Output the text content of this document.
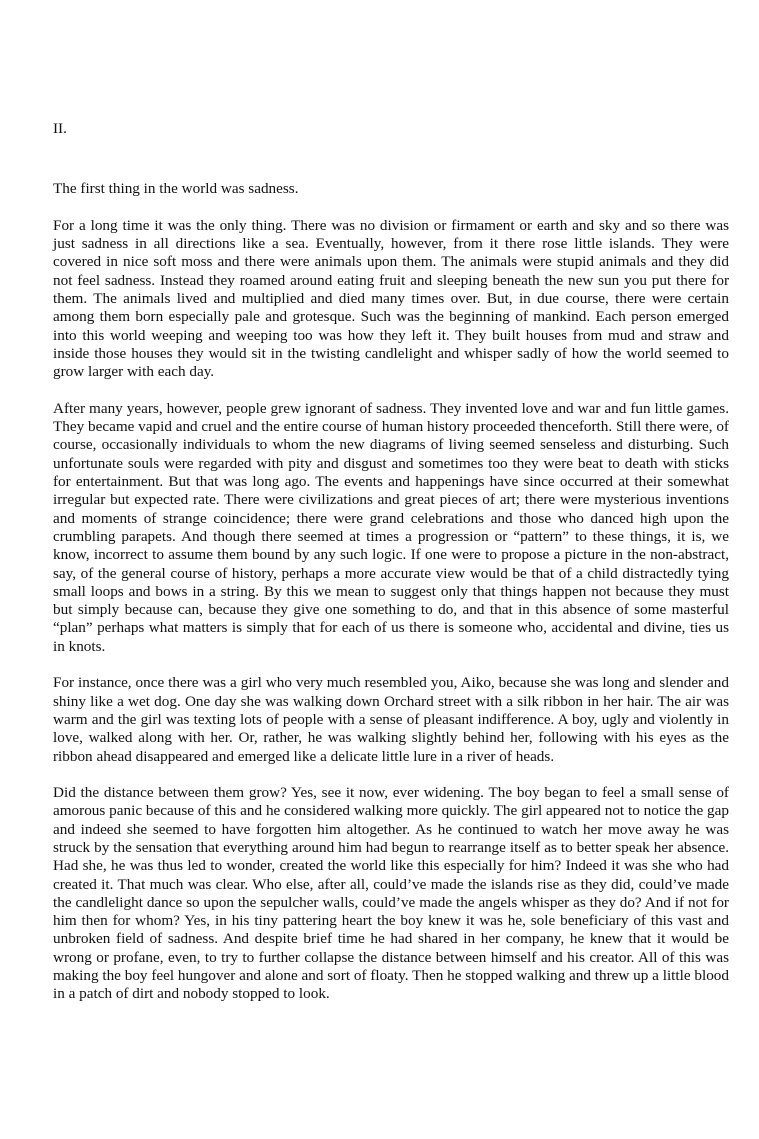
II.

The first thing in the world was sadness.

For a long time it was the only thing. There was no division or firmament or earth and sky and so there was just sadness in all directions like a sea. Eventually, however, from it there rose little islands. They were covered in nice soft moss and there were animals upon them. The animals were stupid animals and they did not feel sadness. Instead they roamed around eating fruit and sleeping beneath the new sun you put there for them. The animals lived and multiplied and died many times over. But, in due course, there were certain among them born especially pale and grotesque. Such was the beginning of mankind. Each person emerged into this world weeping and weeping too was how they left it. They built houses from mud and straw and inside those houses they would sit in the twisting candlelight and whisper sadly of how the world seemed to grow larger with each day.

After many years, however, people grew ignorant of sadness. They invented love and war and fun little games. They became vapid and cruel and the entire course of human history proceeded thenceforth. Still there were, of course, occasionally individuals to whom the new diagrams of living seemed senseless and disturbing. Such unfortunate souls were regarded with pity and disgust and sometimes too they were beat to death with sticks for entertainment. But that was long ago. The events and happenings have since occurred at their somewhat irregular but expected rate. There were civilizations and great pieces of art; there were mysterious inventions and moments of strange coincidence; there were grand celebrations and those who danced high upon the crumbling parapets. And though there seemed at times a progression or “pattern” to these things, it is, we know, incorrect to assume them bound by any such logic. If one were to propose a picture in the non-abstract, say, of the general course of history, perhaps a more accurate view would be that of a child distractedly tying small loops and bows in a string. By this we mean to suggest only that things happen not because they must but simply because can, because they give one something to do, and that in this absence of some masterful “plan” perhaps what matters is simply that for each of us there is someone who, accidental and divine, ties us in knots.

For instance, once there was a girl who very much resembled you, Aiko, because she was long and slender and shiny like a wet dog. One day she was walking down Orchard street with a silk ribbon in her hair. The air was warm and the girl was texting lots of people with a sense of pleasant indifference. A boy, ugly and violently in love, walked along with her. Or, rather, he was walking slightly behind her, following with his eyes as the ribbon ahead disappeared and emerged like a delicate little lure in a river of heads.

Did the distance between them grow? Yes, see it now, ever widening. The boy began to feel a small sense of amorous panic because of this and he considered walking more quickly. The girl appeared not to notice the gap and indeed she seemed to have forgotten him altogether. As he continued to watch her move away he was struck by the sensation that everything around him had begun to rearrange itself as to better speak her absence. Had she, he was thus led to wonder, created the world like this especially for him? Indeed it was she who had created it. That much was clear. Who else, after all, could’ve made the islands rise as they did, could’ve made the candlelight dance so upon the sepulcher walls, could’ve made the angels whisper as they do? And if not for him then for whom? Yes, in his tiny pattering heart the boy knew it was he, sole beneficiary of this vast and unbroken field of sadness. And despite brief time he had shared in her company, he knew that it would be wrong or profane, even, to try to further collapse the distance between himself and his creator. All of this was making the boy feel hungover and alone and sort of floaty. Then he stopped walking and threw up a little blood in a patch of dirt and nobody stopped to look.
